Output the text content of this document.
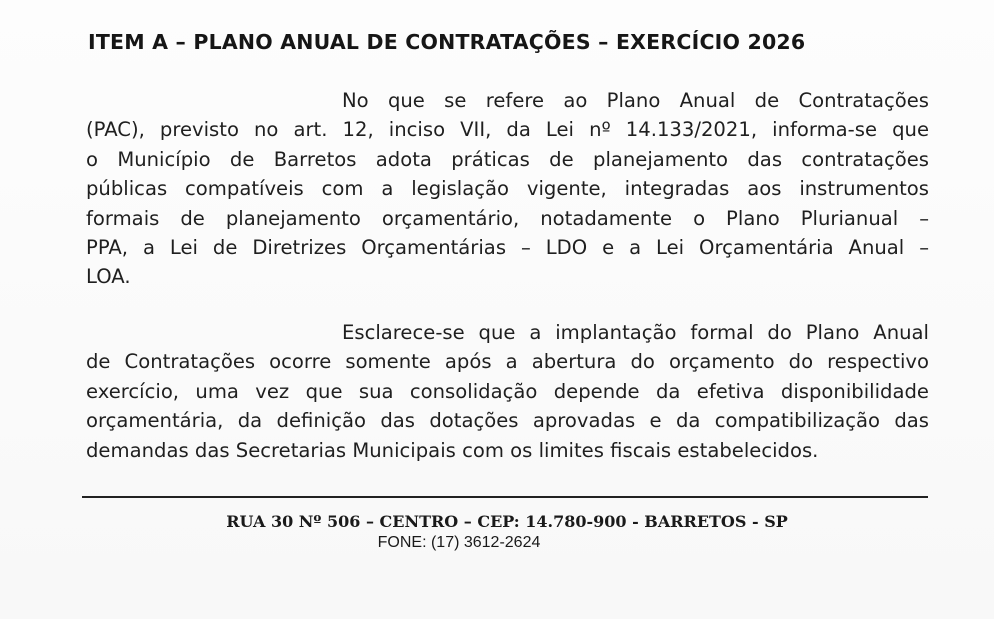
ITEM A – PLANO ANUAL DE CONTRATAÇÕES – EXERCÍCIO 2026
No que se refere ao Plano Anual de Contratações
(PAC), previsto no art. 12, inciso VII, da Lei nº 14.133/2021, informa-se que
o Município de Barretos adota práticas de planejamento das contratações
públicas compatíveis com a legislação vigente, integradas aos instrumentos
formais de planejamento orçamentário, notadamente o Plano Plurianual –
PPA, a Lei de Diretrizes Orçamentárias – LDO e a Lei Orçamentária Anual –
LOA.
Esclarece-se que a implantação formal do Plano Anual
de Contratações ocorre somente após a abertura do orçamento do respectivo
exercício, uma vez que sua consolidação depende da efetiva disponibilidade
orçamentária, da definição das dotações aprovadas e da compatibilização das
demandas das Secretarias Municipais com os limites fiscais estabelecidos.
RUA 30 Nº 506 – CENTRO – CEP: 14.780-900 - BARRETOS - SP
FONE: (17) 3612-2624
